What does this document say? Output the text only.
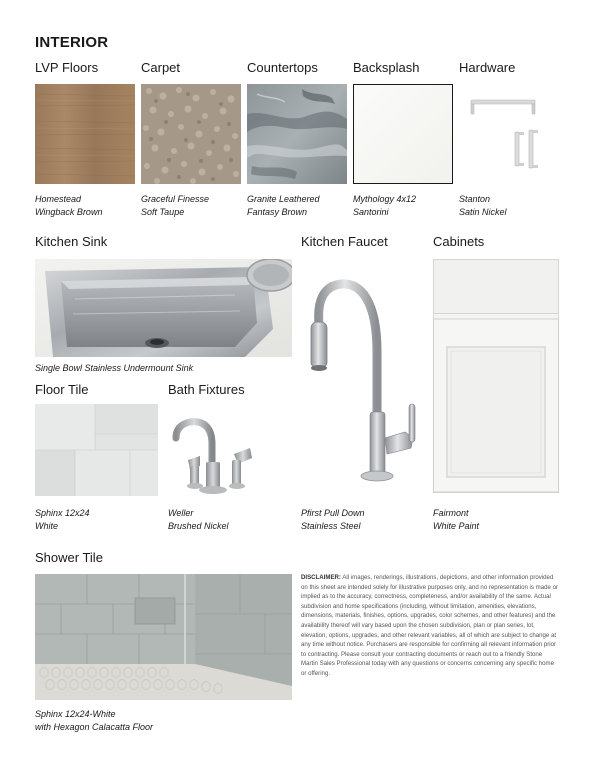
INTERIOR
LVP Floors	Carpet	Countertops	Backsplash	Hardware
Homestead
Wingback Brown
Graceful Finesse
Soft Taupe
Granite Leathered
Fantasy Brown
Mythology 4x12
Santorini
Stanton
Satin Nickel
Kitchen Sink	Kitchen Faucet	Cabinets
Single Bowl Stainless Undermount Sink
Pfirst Pull Down
Stainless Steel
Fairmont
White Paint
Floor Tile	Bath Fixtures
Sphinx 12x24
White
Weller
Brushed Nickel
Shower Tile
Sphinx 12x24-White
with Hexagon Calacatta Floor
DISCLAIMER: All images, renderings, illustrations, depictions, and other information provided on this sheet are intended solely for illustrative purposes only, and no representation is made or implied as to the accuracy, correctness, completeness, and/or availability of the same. Actual subdivision and home specifications (including, without limitation, amenities, elevations, dimensions, materials, finishes, options, upgrades, color schemes, and other features) and the availability thereof will vary based upon the chosen subdivision, plan or plan series, lot, elevation, options, upgrades, and other relevant variables, all of which are subject to change at any time without notice. Purchasers are responsible for confirming all relevant information prior to contracting. Please consult your contracting documents or reach out to a friendly Stone Martin Sales Professional today with any questions or concerns concerning any specific home or offering.
